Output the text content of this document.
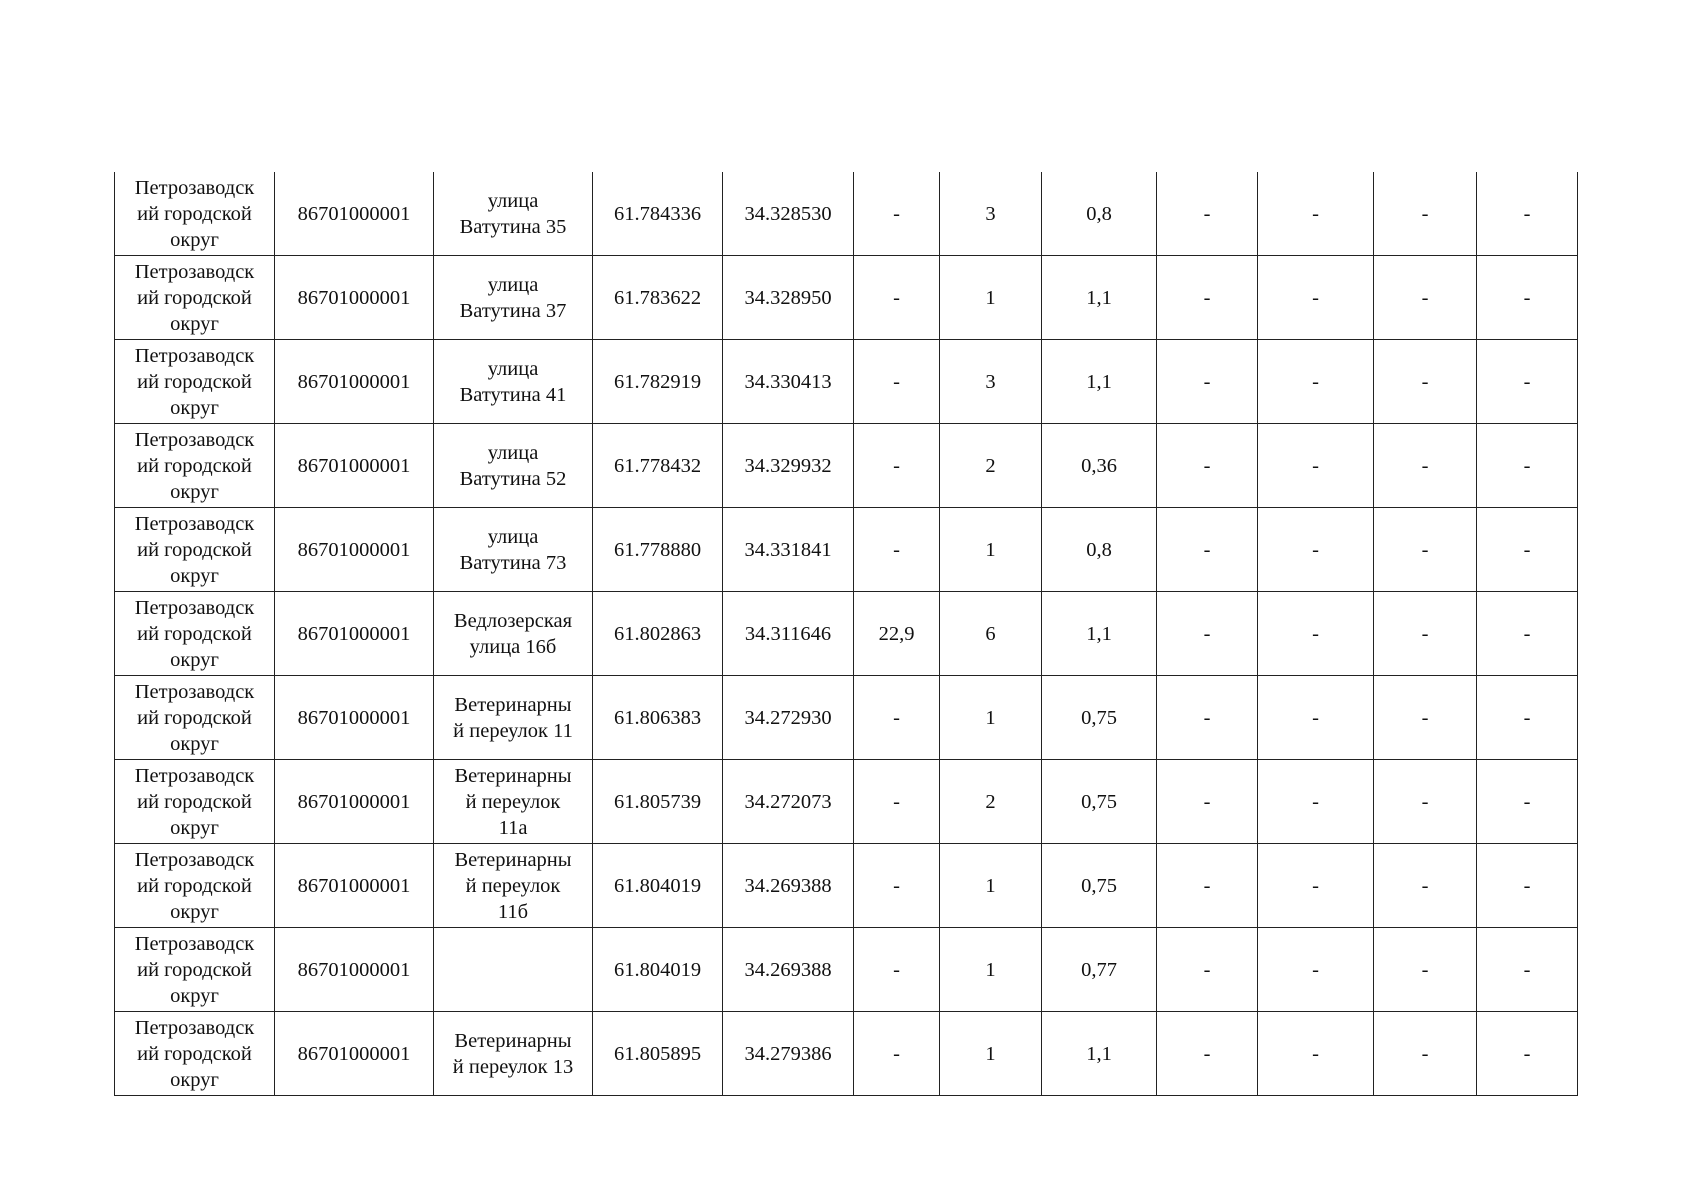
Петрозаводск
ий городской
округ	86701000001	улица
Ватутина 35	61.784336	34.328530	-	3	0,8	-	-	-	-
Петрозаводск
ий городской
округ	86701000001	улица
Ватутина 37	61.783622	34.328950	-	1	1,1	-	-	-	-
Петрозаводск
ий городской
округ	86701000001	улица
Ватутина 41	61.782919	34.330413	-	3	1,1	-	-	-	-
Петрозаводск
ий городской
округ	86701000001	улица
Ватутина 52	61.778432	34.329932	-	2	0,36	-	-	-	-
Петрозаводск
ий городской
округ	86701000001	улица
Ватутина 73	61.778880	34.331841	-	1	0,8	-	-	-	-
Петрозаводск
ий городской
округ	86701000001	Ведлозерская
улица 16б	61.802863	34.311646	22,9	6	1,1	-	-	-	-
Петрозаводск
ий городской
округ	86701000001	Ветеринарны
й переулок 11	61.806383	34.272930	-	1	0,75	-	-	-	-
Петрозаводск
ий городской
округ	86701000001	Ветеринарны
й переулок
11а	61.805739	34.272073	-	2	0,75	-	-	-	-
Петрозаводск
ий городской
округ	86701000001	Ветеринарны
й переулок
11б	61.804019	34.269388	-	1	0,75	-	-	-	-
Петрозаводск
ий городской
округ	86701000001		61.804019	34.269388	-	1	0,77	-	-	-	-
Петрозаводск
ий городской
округ	86701000001	Ветеринарны
й переулок 13	61.805895	34.279386	-	1	1,1	-	-	-	-
